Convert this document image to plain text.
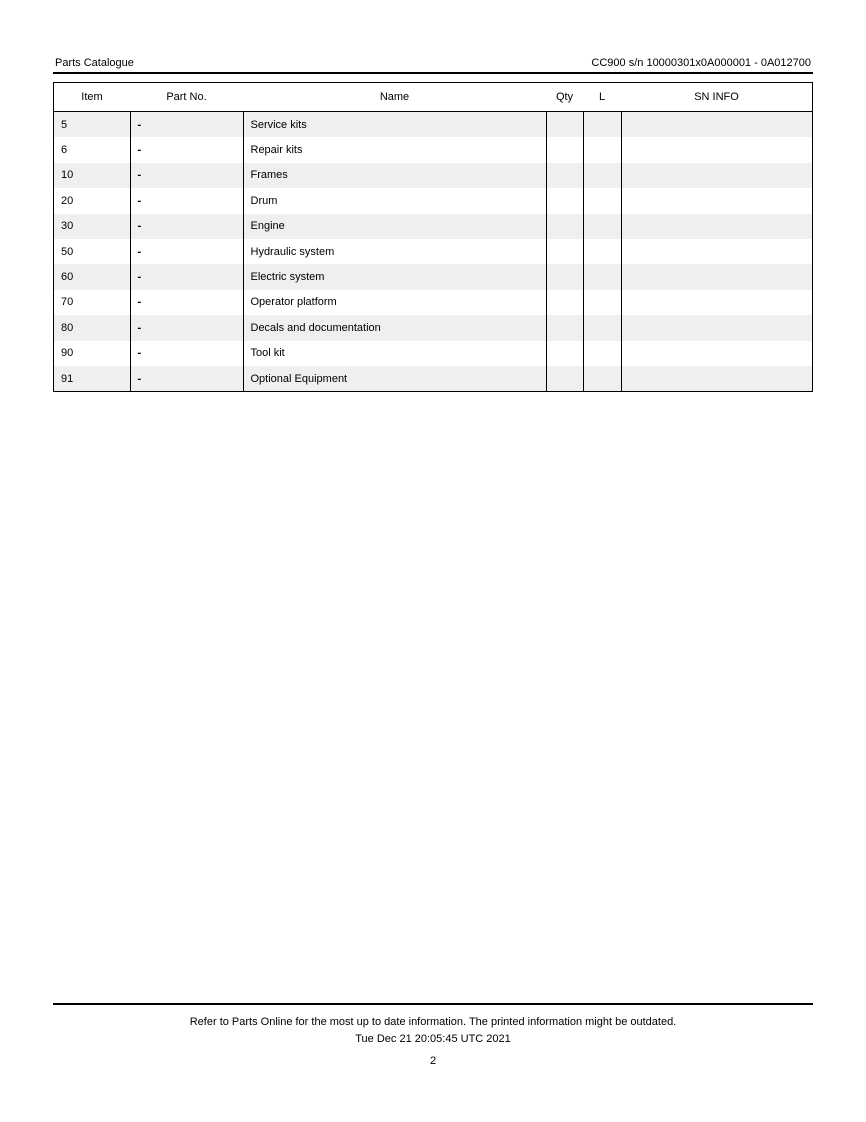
Parts Catalogue	CC900 s/n 10000301x0A000001 - 0A012700
Item	Part No.	Name	Qty	L	SN INFO
5	-	Service kits			
6	-	Repair kits			
10	-	Frames			
20	-	Drum			
30	-	Engine			
50	-	Hydraulic system			
60	-	Electric system			
70	-	Operator platform			
80	-	Decals and documentation			
90	-	Tool kit			
91	-	Optional Equipment			
Refer to Parts Online for the most up to date information. The printed information might be outdated.
Tue Dec 21 20:05:45 UTC 2021
2
